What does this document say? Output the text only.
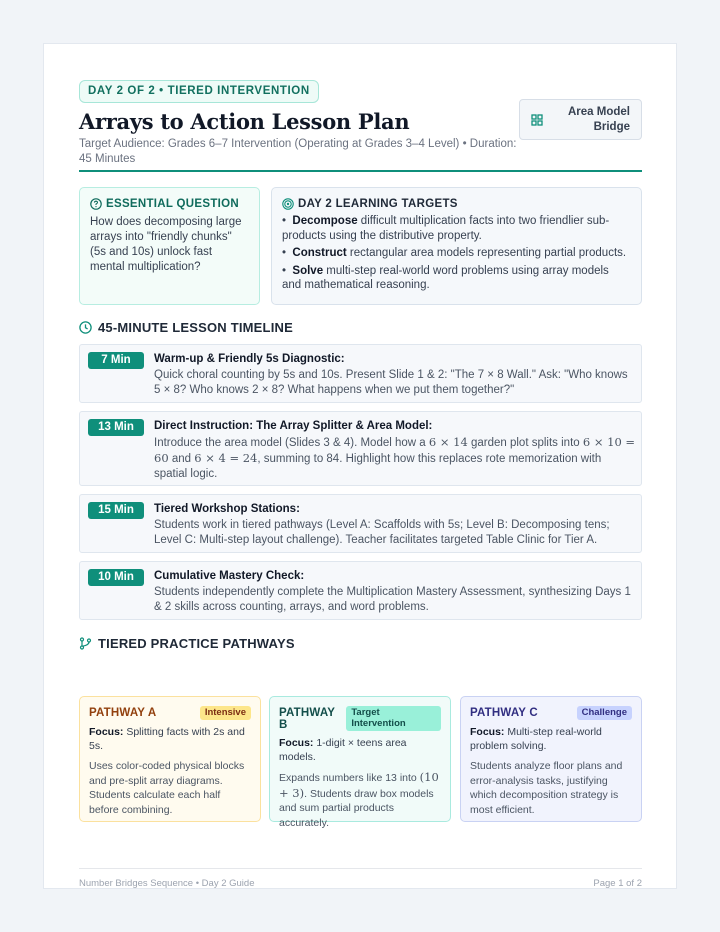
DAY 2 OF 2 • TIERED INTERVENTION
Arrays to Action Lesson Plan
Target Audience: Grades 6–7 Intervention (Operating at Grades 3–4 Level) • Duration: 45 Minutes
Area Model Bridge
ESSENTIAL QUESTION
How does decomposing large arrays into "friendly chunks" (5s and 10s) unlock fast mental multiplication?
DAY 2 LEARNING TARGETS
•  Decompose difficult multiplication facts into two friendlier sub-products using the distributive property.
•  Construct rectangular area models representing partial products.
•  Solve multi-step real-world word problems using array models and mathematical reasoning.
45-MINUTE LESSON TIMELINE
7 Min	Warm-up & Friendly 5s Diagnostic:
Quick choral counting by 5s and 10s. Present Slide 1 & 2: "The 7 × 8 Wall." Ask: "Who knows 5 × 8? Who knows 2 × 8? What happens when we put them together?"
13 Min	Direct Instruction: The Array Splitter & Area Model:
Introduce the area model (Slides 3 & 4). Model how a 6 × 14 garden plot splits into 6 × 10 = 60 and 6 × 4 = 24, summing to 84. Highlight how this replaces rote memorization with spatial logic.
15 Min	Tiered Workshop Stations:
Students work in tiered pathways (Level A: Scaffolds with 5s; Level B: Decomposing tens; Level C: Multi-step layout challenge). Teacher facilitates targeted Table Clinic for Tier A.
10 Min	Cumulative Mastery Check:
Students independently complete the Multiplication Mastery Assessment, synthesizing Days 1 & 2 skills across counting, arrays, and word problems.
TIERED PRACTICE PATHWAYS
PATHWAY A	Intensive
Focus: Splitting facts with 2s and 5s.
Uses color-coded physical blocks and pre-split array diagrams. Students calculate each half before combining.
PATHWAY B
Target Intervention
Focus: 1-digit × teens area models.
Expands numbers like 13 into (10 + 3). Students draw box models and sum partial products accurately.
PATHWAY C	Challenge
Focus: Multi-step real-world problem solving.
Students analyze floor plans and error-analysis tasks, justifying which decomposition strategy is most efficient.
Number Bridges Sequence • Day 2 Guide	Page 1 of 2
